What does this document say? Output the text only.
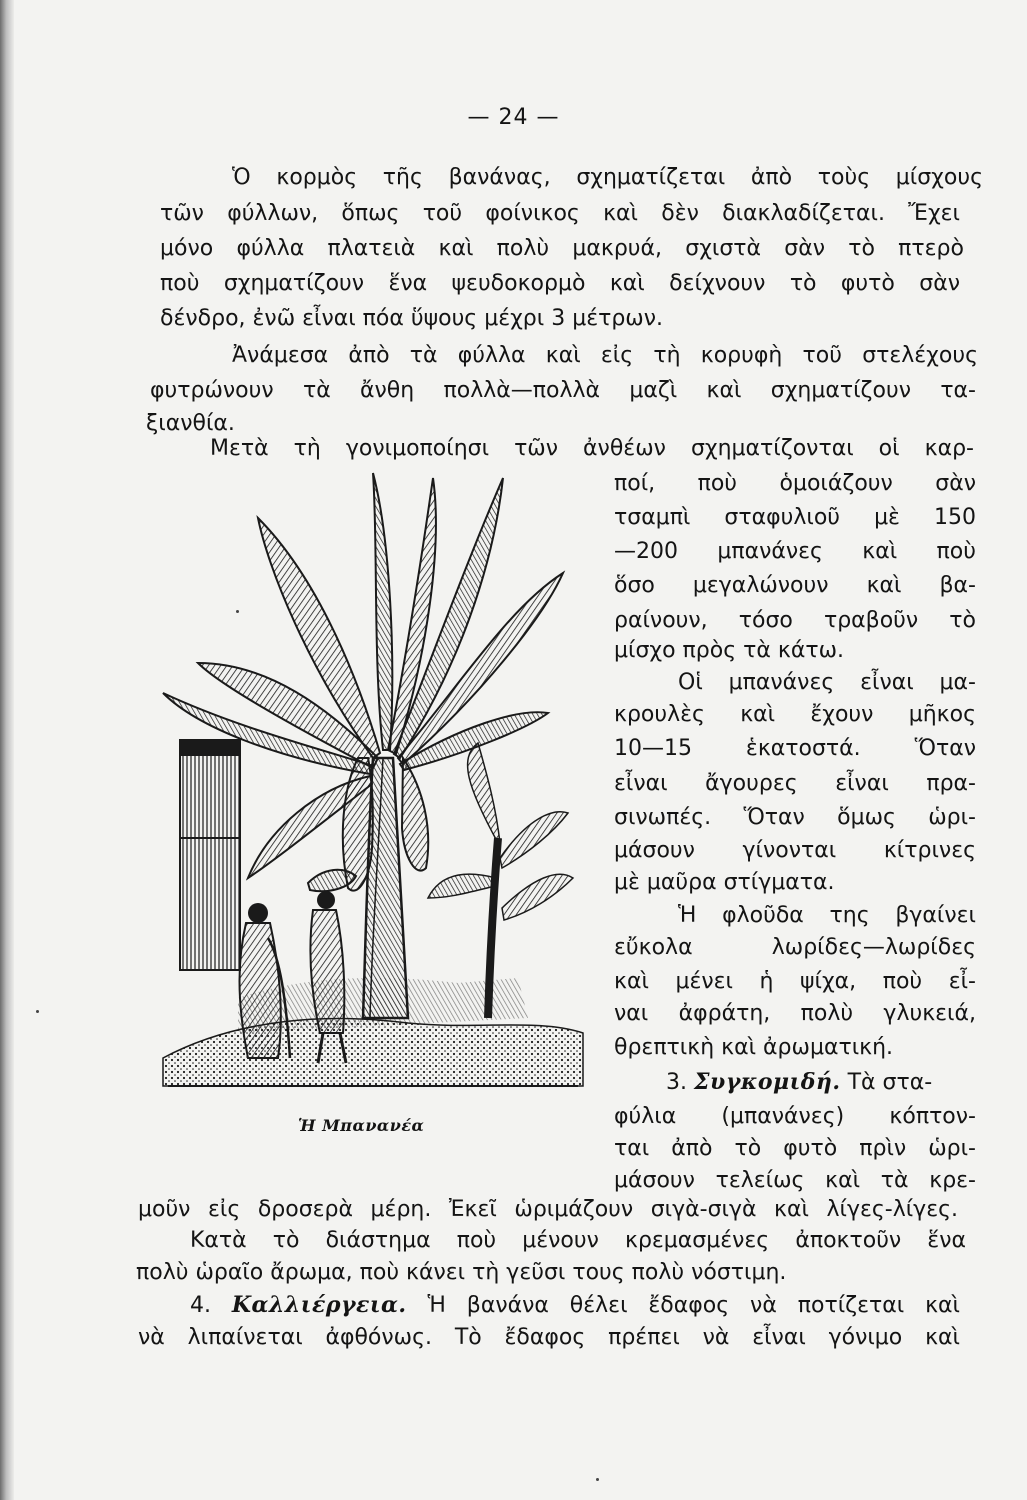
— 24 —
Ὁ κορμὸς τῆς βανάνας, σχηματίζεται ἀπὸ τοὺς μίσχους
τῶν φύλλων, ὅπως τοῦ φοίνικος καὶ δὲν διακλαδίζεται. Ἔχει
μόνο φύλλα πλατειὰ καὶ πολὺ μακρυά, σχιστὰ σὰν τὸ πτερὸ
ποὺ σχηματίζουν ἕνα ψευδοκορμὸ καὶ δείχνουν τὸ φυτὸ σὰν
δένδρο, ἐνῶ εἶναι πόα ὕψους μέχρι 3 μέτρων.
Ἀνάμεσα ἀπὸ τὰ φύλλα καὶ εἰς τὴ κορυφὴ τοῦ στελέχους
φυτρώνουν τὰ ἄνθη πολλὰ—πολλὰ μαζὶ καὶ σχηματίζουν τα-
ξιανθία.
Μετὰ τὴ γονιμοποίησι τῶν ἀνθέων σχηματίζονται οἱ καρ-
ποί, ποὺ ὁμοιάζουν σὰν
τσαμπὶ σταφυλιοῦ μὲ 150
—200 μπανάνες καὶ ποὺ
ὅσο μεγαλώνουν καὶ βα-
ραίνουν, τόσο τραβοῦν τὸ
μίσχο πρὸς τὰ κάτω.
Οἱ μπανάνες εἶναι μα-
κρουλὲς καὶ ἔχουν μῆκος
10—15 ἑκατοστά. Ὅταν
εἶναι ἄγουρες εἶναι πρα-
σινωπές. Ὅταν ὅμως ὡρι-
μάσουν γίνονται κίτρινες
μὲ μαῦρα στίγματα.
Ἡ φλοῦδα της βγαίνει
εὔκολα λωρίδες—λωρίδες
καὶ μένει ἡ ψίχα, ποὺ εἶ-
ναι ἀφράτη, πολὺ γλυκειά,
θρεπτικὴ καὶ ἀρωματική.
3. Συγκομιδή. Τὰ στα-
φύλια (μπανάνες) κόπτον-
ται ἀπὸ τὸ φυτὸ πρὶν ὡρι-
μάσουν τελείως καὶ τὰ κρε-
μοῦν εἰς δροσερὰ μέρη. Ἐκεῖ ὡριμάζουν σιγὰ-σιγὰ καὶ λίγες-λίγες.
Κατὰ τὸ διάστημα ποὺ μένουν κρεμασμένες ἀποκτοῦν ἕνα
πολὺ ὡραῖο ἄρωμα, ποὺ κάνει τὴ γεῦσι τους πολὺ νόστιμη.
4. Καλλιέργεια. Ἡ βανάνα θέλει ἔδαφος νὰ ποτίζεται καὶ
νὰ λιπαίνεται ἀφθόνως. Τὸ ἔδαφος πρέπει νὰ εἶναι γόνιμο καὶ
Ἡ Μπανανέα
